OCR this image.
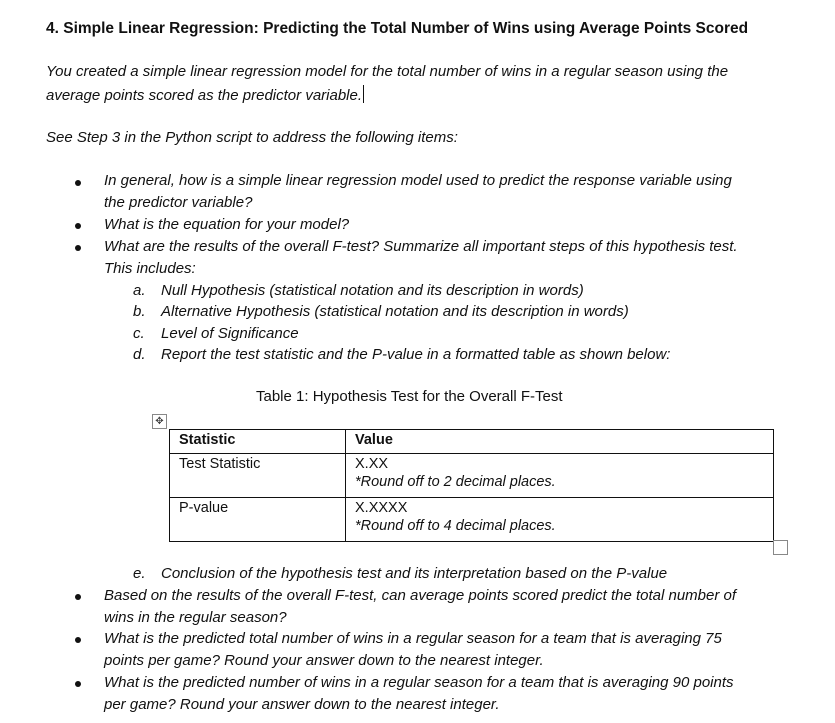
4. Simple Linear Regression: Predicting the Total Number of Wins using Average Points Scored
You created a simple linear regression model for the total number of wins in a regular season using the
average points scored as the predictor variable.
See Step 3 in the Python script to address the following items:
In general, how is a simple linear regression model used to predict the response variable using
the predictor variable?
What is the equation for your model?
What are the results of the overall F-test? Summarize all important steps of this hypothesis test.
This includes:
a. Null Hypothesis (statistical notation and its description in words)
b. Alternative Hypothesis (statistical notation and its description in words)
c. Level of Significance
d. Report the test statistic and the P-value in a formatted table as shown below:
Table 1: Hypothesis Test for the Overall F-Test
✥
Statistic	Value
Test Statistic	X.XX
*Round off to 2 decimal places.

P-value	X.XXXX
*Round off to 4 decimal places.
e. Conclusion of the hypothesis test and its interpretation based on the P-value
Based on the results of the overall F-test, can average points scored predict the total number of
wins in the regular season?
What is the predicted total number of wins in a regular season for a team that is averaging 75
points per game? Round your answer down to the nearest integer.
What is the predicted number of wins in a regular season for a team that is averaging 90 points
per game? Round your answer down to the nearest integer.
